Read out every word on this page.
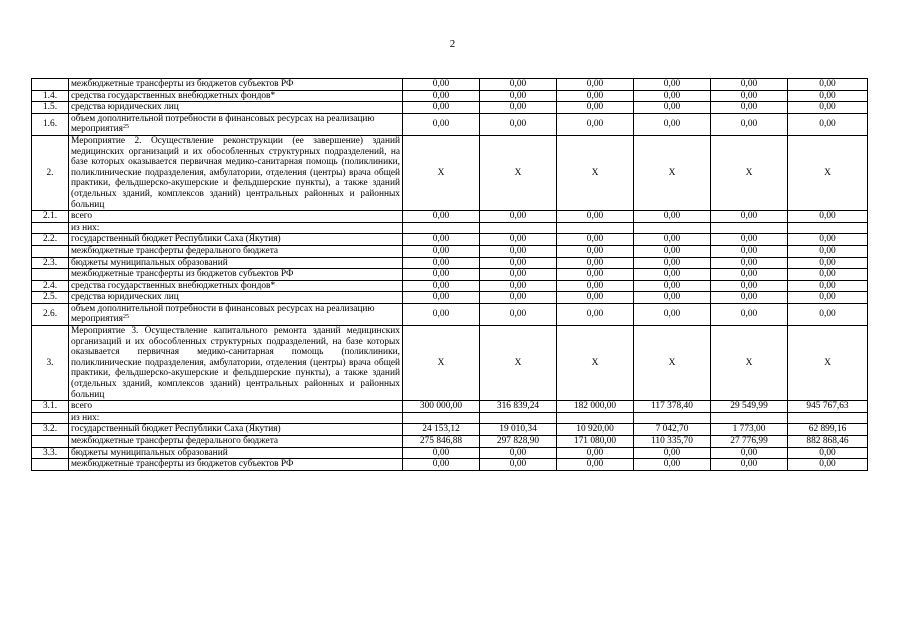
2
	межбюджетные трансферты из бюджетов субъектов РФ	0,00	0,00	0,00	0,00	0,00	0,00
1.4.	средства государственных внебюджетных фондов*	0,00	0,00	0,00	0,00	0,00	0,00
1.5.	средства юридических лиц	0,00	0,00	0,00	0,00	0,00	0,00
1.6.	объем дополнительной потребности в финансовых ресурсах на реализацию мероприятия$^{25}$	0,00	0,00	0,00	0,00	0,00	0,00
2.	Мероприятие 2. Осуществление реконструкции (ее завершение) зданий медицинских организаций и их обособленных структурных подразделений, на базе которых оказывается первичная медико-санитарная помощь (поликлиники, поликлинические подразделения, амбулатории, отделения (центры) врача общей практики, фельдшерско-акушерские и фельдшерские пункты), а также зданий (отдельных зданий, комплексов зданий) центральных районных и районных больниц	Х	Х	Х	Х	Х	Х
2.1.	всего	0,00	0,00	0,00	0,00	0,00	0,00
	из них:						
2.2.	государственный бюджет Республики Саха (Якутия)	0,00	0,00	0,00	0,00	0,00	0,00
	межбюджетные трансферты федерального бюджета	0,00	0,00	0,00	0,00	0,00	0,00
2.3.	бюджеты муниципальных образований	0,00	0,00	0,00	0,00	0,00	0,00
	межбюджетные трансферты из бюджетов субъектов РФ	0,00	0,00	0,00	0,00	0,00	0,00
2.4.	средства государственных внебюджетных фондов*	0,00	0,00	0,00	0,00	0,00	0,00
2.5.	средства юридических лиц	0,00	0,00	0,00	0,00	0,00	0,00
2.6.	объем дополнительной потребности в финансовых ресурсах на реализацию мероприятия$^{25}$	0,00	0,00	0,00	0,00	0,00	0,00
3.	Мероприятие 3. Осуществление капитального ремонта зданий медицинских организаций и их обособленных структурных подразделений, на базе которых оказывается первичная медико-санитарная помощь (поликлиники, поликлинические подразделения, амбулатории, отделения (центры) врача общей практики, фельдшерско-акушерские и фельдшерские пункты), а также зданий (отдельных зданий, комплексов зданий) центральных районных и районных больниц	Х	Х	Х	Х	Х	Х
3.1.	всего	300 000,00	316 839,24	182 000,00	117 378,40	29 549,99	945 767,63
	из них:						
3.2.	государственный бюджет Республики Саха (Якутия)	24 153,12	19 010,34	10 920,00	7 042,70	1 773,00	62 899,16
	межбюджетные трансферты федерального бюджета	275 846,88	297 828,90	171 080,00	110 335,70	27 776,99	882 868,46
3.3.	бюджеты муниципальных образований	0,00	0,00	0,00	0,00	0,00	0,00
	межбюджетные трансферты из бюджетов субъектов РФ	0,00	0,00	0,00	0,00	0,00	0,00
